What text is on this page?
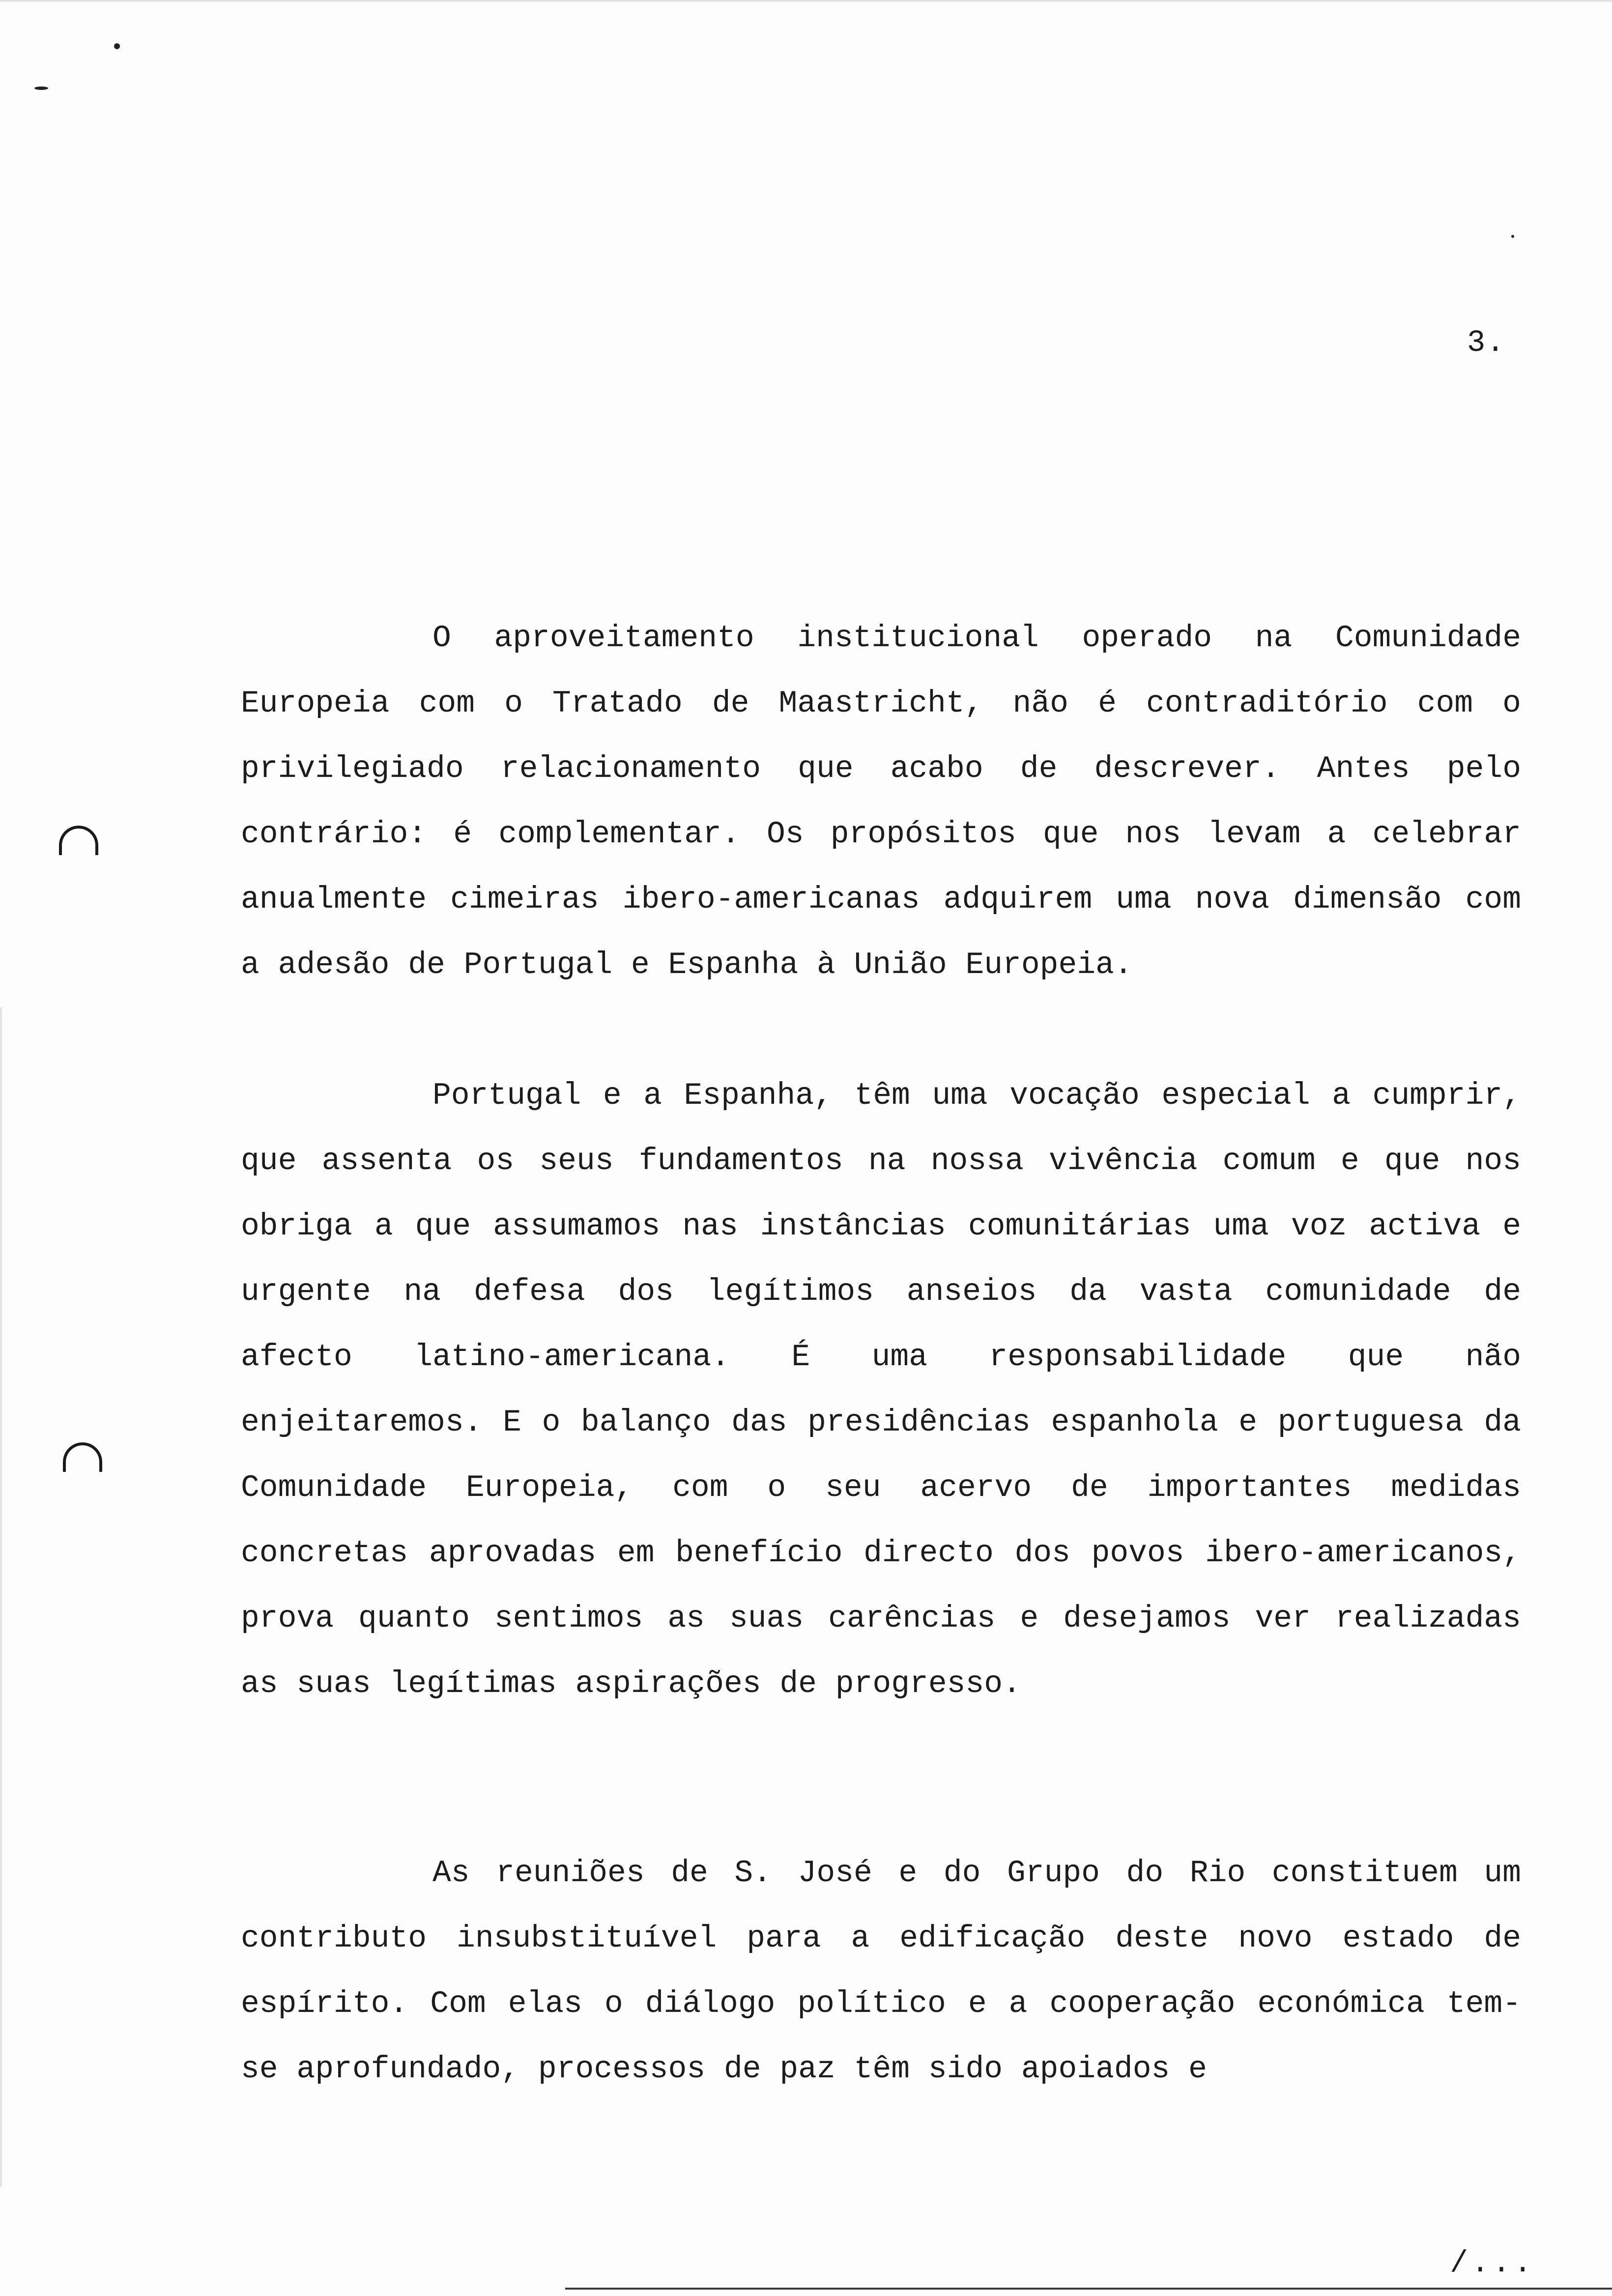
3.

O aproveitamento institucional operado na Comunidade Europeia com o Tratado de Maastricht, não é contraditório com o privilegiado relacionamento que acabo de descrever. Antes pelo contrário: é complementar. Os propósitos que nos levam a celebrar anualmente cimeiras ibero-americanas adquirem uma nova dimensão com a adesão de Portugal e Espanha à União Europeia.

Portugal e a Espanha, têm uma vocação especial a cumprir, que assenta os seus fundamentos na nossa vivência comum e que nos obriga a que assumamos nas instâncias comunitárias uma voz activa e urgente na defesa dos legítimos anseios da vasta comunidade de afecto latino-americana. É uma responsabilidade que não enjeitaremos. E o balanço das presidências espanhola e portuguesa da Comunidade Europeia, com o seu acervo de importantes medidas concretas aprovadas em benefício directo dos povos ibero-americanos, prova quanto sentimos as suas carências e desejamos ver realizadas as suas legítimas aspirações de progresso.

As reuniões de S. José e do Grupo do Rio constituem um contributo insubstituível para a edificação deste novo estado de espírito. Com elas o diálogo político e a cooperação económica tem-se aprofundado, processos de paz têm sido apoiados e

/...
